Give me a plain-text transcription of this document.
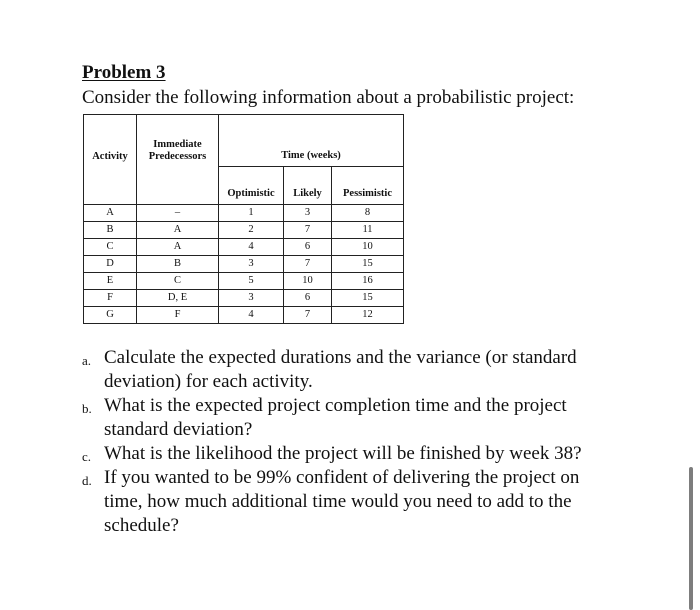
Problem 3
Consider the following information about a probabilistic project:
Activity	Immediate Predecessors	Time (weeks)		
		Optimistic	Likely	Pessimistic
A	–	1	3	8
B	A	2	7	11
C	A	4	6	10
D	B	3	7	15
E	C	5	10	16
F	D, E	3	6	15
G	F	4	7	12
a. Calculate the expected durations and the variance (or standard deviation) for each activity.
b. What is the expected project completion time and the project standard deviation?
c. What is the likelihood the project will be finished by week 38?
d. If you wanted to be 99% confident of delivering the project on time, how much additional time would you need to add to the schedule?
